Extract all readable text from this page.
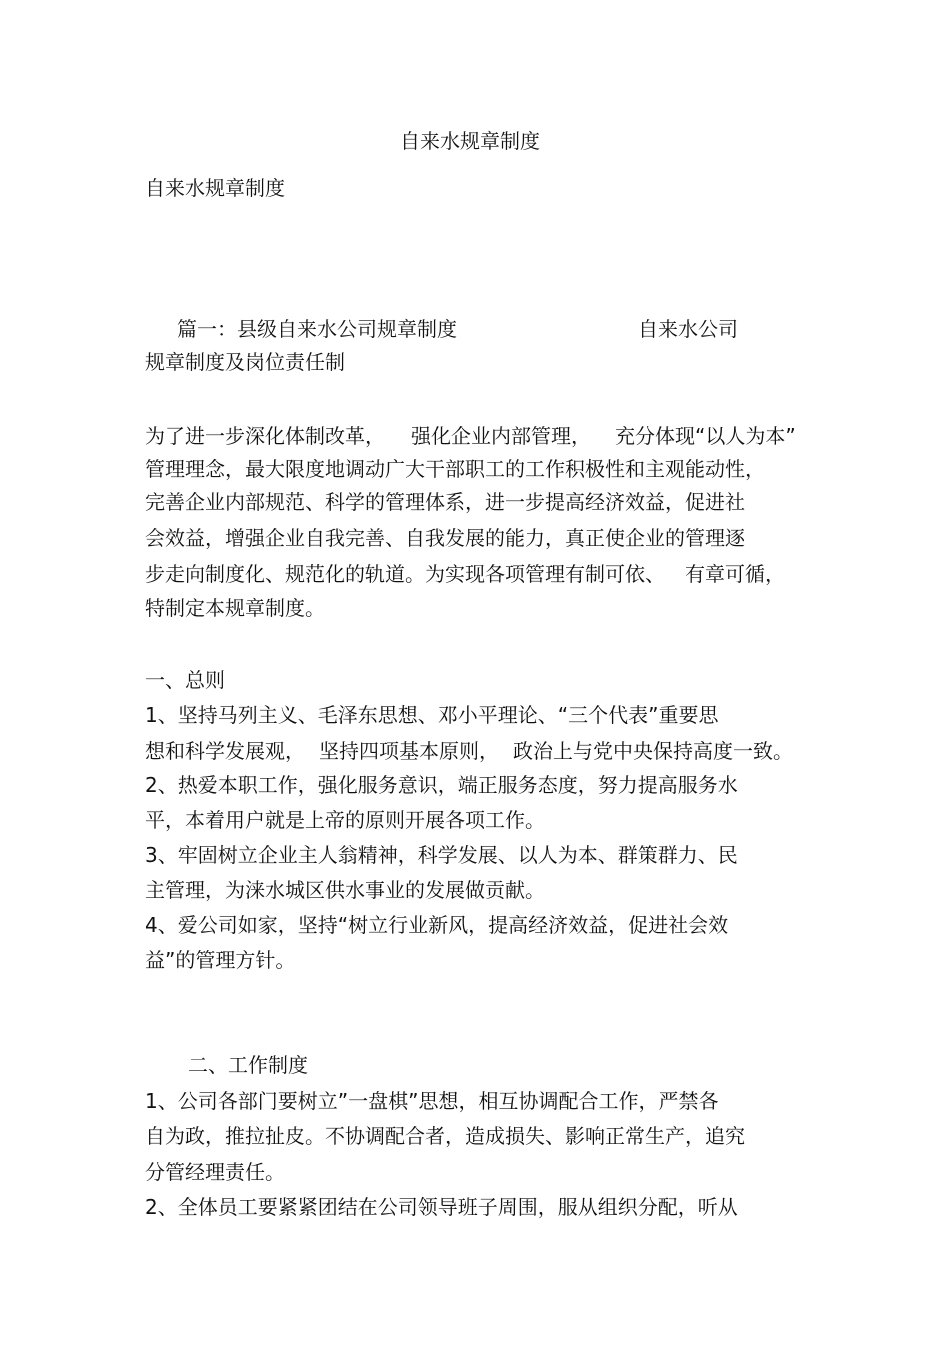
自来水规章制度
自来水规章制度
篇一：县级自来水公司规章制度	自来水公司
规章制度及岗位责任制
为了进一步深化体制改革， 强化企业内部管理， 充分体现“以人为本”
管理理念，最大限度地调动广大干部职工的工作积极性和主观能动性，
完善企业内部规范、科学的管理体系，进一步提高经济效益，促进社
会效益，增强企业自我完善、自我发展的能力，真正使企业的管理逐
步走向制度化、规范化的轨道。为实现各项管理有制可依、 有章可循，
特制定本规章制度。
一、总则
1、坚持马列主义、毛泽东思想、邓小平理论、“三个代表”重要思
想和科学发展观， 坚持四项基本原则， 政治上与党中央保持高度一致。
2、热爱本职工作，强化服务意识，端正服务态度，努力提高服务水
平，本着用户就是上帝的原则开展各项工作。
3、牢固树立企业主人翁精神，科学发展、以人为本、群策群力、民
主管理，为涞水城区供水事业的发展做贡献。
4、爱公司如家，坚持“树立行业新风，提高经济效益，促进社会效
益”的管理方针。
二、工作制度
1、公司各部门要树立”一盘棋”思想，相互协调配合工作，严禁各
自为政，推拉扯皮。不协调配合者，造成损失、影响正常生产，追究
分管经理责任。
2、全体员工要紧紧团结在公司领导班子周围，服从组织分配，听从
